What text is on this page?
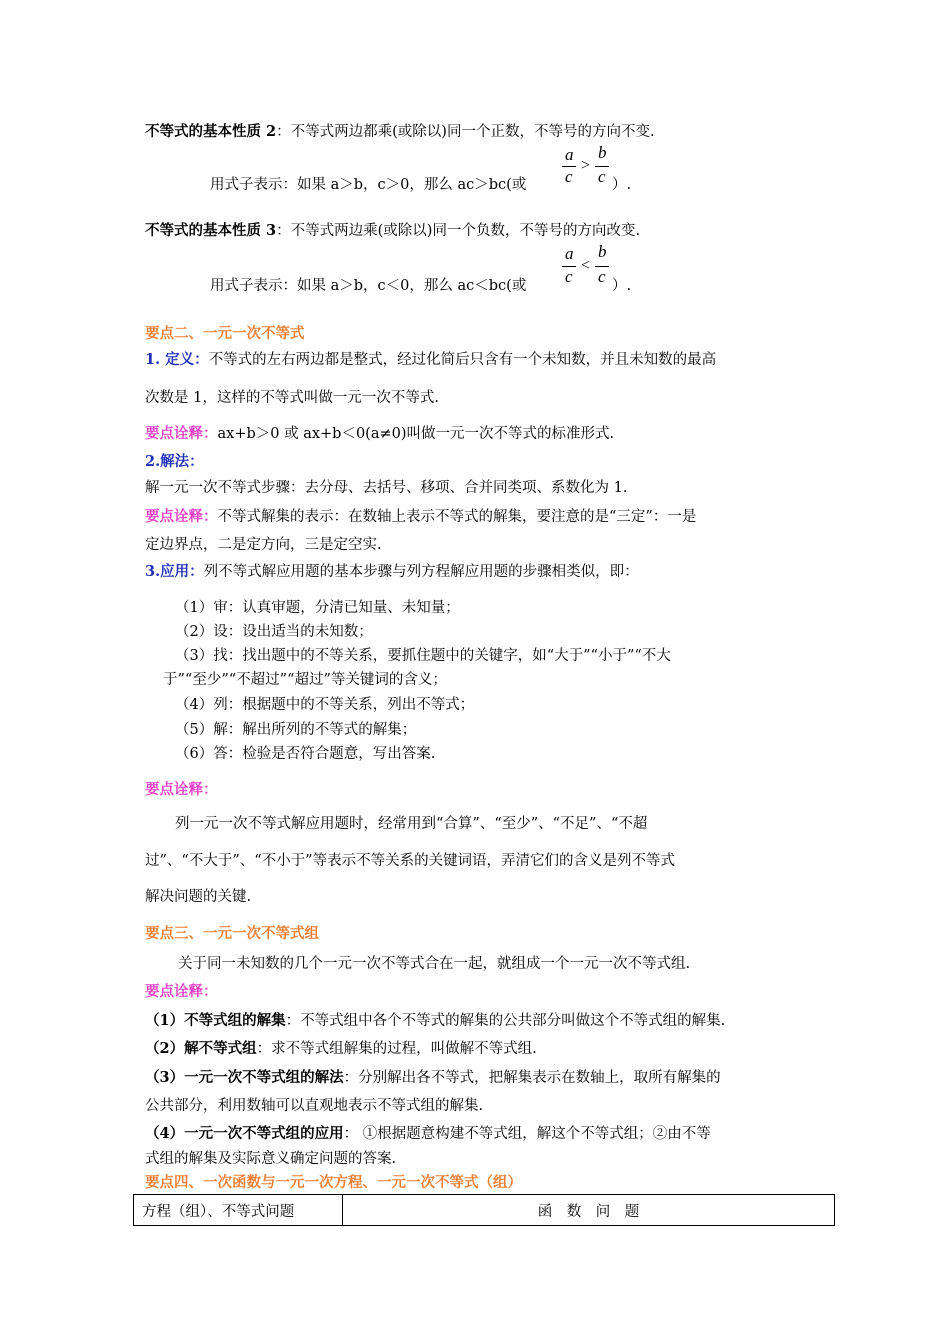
不等式的基本性质 2：不等式两边都乘(或除以)同一个正数，不等号的方向不变.
用式子表示：如果 a＞b，c＞0，那么 ac＞bc(或
a
c
>
b
c ）.
不等式的基本性质 3：不等式两边乘(或除以)同一个负数，不等号的方向改变.
用式子表示：如果 a＞b，c＜0，那么 ac＜bc(或
a
c
<
b
c ）.
要点二、一元一次不等式
1. 定义：不等式的左右两边都是整式，经过化简后只含有一个未知数，并且未知数的最高
次数是 1，这样的不等式叫做一元一次不等式.
要点诠释：ax+b＞0 或 ax+b＜0(a≠0)叫做一元一次不等式的标准形式.
2.解法：
解一元一次不等式步骤：去分母、去括号、移项、合并同类项、系数化为 1.
要点诠释：不等式解集的表示：在数轴上表示不等式的解集，要注意的是“三定”：一是
定边界点，二是定方向，三是定空实.
3.应用：列不等式解应用题的基本步骤与列方程解应用题的步骤相类似，即：
（1）审：认真审题，分清已知量、未知量；
（2）设：设出适当的未知数；
（3）找：找出题中的不等关系，要抓住题中的关键字，如“大于”“小于”“不大
于”“至少”“不超过”“超过”等关键词的含义；
（4）列：根据题中的不等关系，列出不等式；
（5）解：解出所列的不等式的解集；
（6）答：检验是否符合题意，写出答案.
要点诠释：
列一元一次不等式解应用题时，经常用到“合算”、“至少”、“不足”、“不超
过”、“不大于”、“不小于”等表示不等关系的关键词语，弄清它们的含义是列不等式
解决问题的关键.
要点三、一元一次不等式组
关于同一未知数的几个一元一次不等式合在一起，就组成一个一元一次不等式组.
要点诠释：
（1）不等式组的解集：不等式组中各个不等式的解集的公共部分叫做这个不等式组的解集.
（2）解不等式组：求不等式组解集的过程，叫做解不等式组.
（3）一元一次不等式组的解法：分别解出各不等式，把解集表示在数轴上，取所有解集的
公共部分，利用数轴可以直观地表示不等式组的解集.
（4）一元一次不等式组的应用： ①根据题意构建不等式组，解这个不等式组；②由不等
式组的解集及实际意义确定问题的答案.
要点四、一次函数与一元一次方程、一元一次不等式（组）
方程（组）、不等式问题	函　数　问　题
